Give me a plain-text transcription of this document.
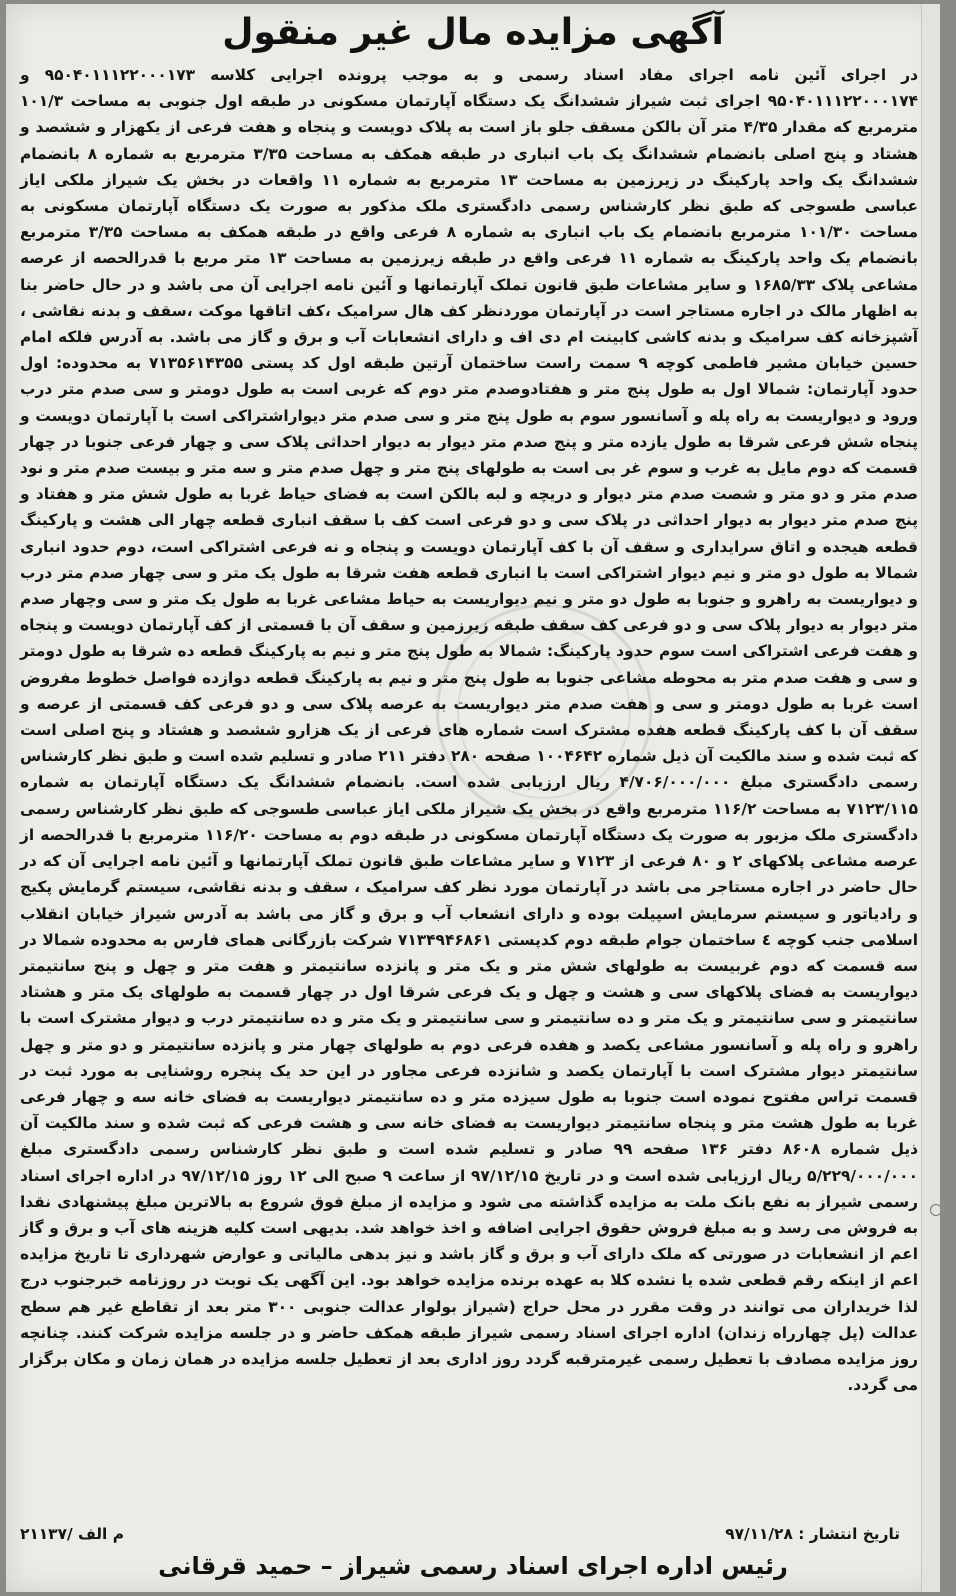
آگهی مزایده مال غیر منقول

در اجرای آئین نامه اجرای مفاد اسناد رسمی و به موجب پرونده اجرایی کلاسه ۹۵۰۴۰۱۱۱۲۲۰۰۰۱۷۳ و ۹۵۰۴۰۱۱۱۲۲۰۰۰۱۷۴ اجرای ثبت شیراز ششدانگ یک دستگاه آپارتمان مسکونی در طبقه اول جنوبی به مساحت ۱۰۱/۳ مترمربع که مقدار ۴/۳۵ متر آن بالکن مسقف جلو باز است به پلاک دویست و پنجاه و هفت فرعی از یکهزار و ششصد و هشتاد و پنج اصلی بانضمام ششدانگ یک باب انباری در طبقه همکف به مساحت ۳/۳۵ مترمربع به شماره ۸ بانضمام ششدانگ یک واحد پارکینگ در زیرزمین به مساحت ۱۳ مترمربع به شماره ۱۱ واقعات در بخش یک شیراز ملکی ایاز عباسی طسوجی که طبق نظر کارشناس رسمی دادگستری ملک مذکور به صورت یک دستگاه آپارتمان مسکونی به مساحت ۱۰۱/۳۰ مترمربع بانضمام یک باب انباری به شماره ۸ فرعی واقع در طبقه همکف به مساحت ۳/۳۵ مترمربع بانضمام یک واحد پارکینگ به شماره ۱۱ فرعی واقع در طبقه زیرزمین به مساحت ۱۳ متر مربع با قدرالحصه از عرصه مشاعی پلاک ۱۶۸۵/۳۳ و سایر مشاعات طبق قانون تملک آپارتمانها و آئین نامه اجرایی آن می باشد و در حال حاضر بنا به اظهار مالک در اجاره مستاجر است در آپارتمان موردنظر کف هال سرامیک ،کف اتاقها موکت ،سقف و بدنه نقاشی ، آشپزخانه کف سرامیک و بدنه کاشی کابینت ام دی اف و دارای انشعابات آب و برق و گاز می باشد. به آدرس فلکه امام حسین خیابان مشیر فاطمی کوچه ۹ سمت راست ساختمان آرتین طبقه اول کد پستی ۷۱۳۵۶۱۴۳۵۵ به محدوده: اول حدود آپارتمان: شمالا اول به طول پنج متر و هفتادوصدم متر دوم که غربی است به طول دومتر و سی صدم متر درب ورود و دیواریست به راه پله و آسانسور سوم به طول پنج متر و سی صدم متر دیواراشتراکی است با آپارتمان دویست و پنجاه شش فرعی شرقا به طول یازده متر و پنج صدم متر دیوار به دیوار احداثی پلاک سی و چهار فرعی جنوبا در چهار قسمت که دوم مایل به غرب و سوم غر بی است به طولهای پنج متر و چهل صدم متر و سه متر و بیست صدم متر و نود صدم متر و دو متر و شصت صدم متر دیوار و دریچه و لبه بالکن است به فضای حیاط غربا به طول شش متر و هفتاد و پنج صدم متر دیوار به دیوار احداثی در پلاک سی و دو فرعی است کف با سقف انباری قطعه چهار الی هشت و پارکینگ قطعه هیجده و اتاق سرایداری و سقف آن با کف آپارتمان دویست و پنجاه و نه فرعی اشتراکی است، دوم حدود انباری شمالا به طول دو متر و نیم دیوار اشتراکی است با انباری قطعه هفت شرقا به طول یک متر و سی چهار صدم متر درب و دیواریست به راهرو و جنوبا به طول دو متر و نیم دیواریست به حیاط مشاعی غربا به طول یک متر و سی وچهار صدم متر دیوار به دیوار پلاک سی و دو فرعی کف سقف طبقه زیرزمین و سقف آن با قسمتی از کف آپارتمان دویست و پنجاه و هفت فرعی اشتراکی است سوم حدود پارکینگ: شمالا به طول پنج متر و نیم به پارکینگ قطعه ده شرقا به طول دومتر و سی و هفت صدم متر به محوطه مشاعی جنوبا به طول پنج متر و نیم به پارکینگ قطعه دوازده فواصل خطوط مفروض است غربا به طول دومتر و سی و هفت صدم متر دیواریست به عرصه پلاک سی و دو فرعی کف قسمتی از عرصه و سقف آن با کف پارکینگ قطعه هفده مشترک است شماره های فرعی از یک هزارو ششصد و هشتاد و پنج اصلی است که ثبت شده و سند مالکیت آن ذیل شماره ۱۰۰۴۶۴۲ صفحه ۲۸۰ دفتر ۲۱۱ صادر و تسلیم شده است و طبق نظر کارشناس رسمی دادگستری مبلغ ۴/۷۰۶/۰۰۰/۰۰۰ ریال ارزیابی شده است. بانضمام ششدانگ یک دستگاه آپارتمان به شماره ۷۱۲۳/۱۱۵ به مساحت ۱۱۶/۲ مترمربع واقع در بخش یک شیراز ملکی ایاز عباسی طسوجی که طبق نظر کارشناس رسمی دادگستری ملک مزبور به صورت یک دستگاه آپارتمان مسکونی در طبقه دوم به مساحت ۱۱۶/۲۰ مترمربع با قدرالحصه از عرصه مشاعی پلاکهای ۲ و ۸۰ فرعی از ۷۱۲۳ و سایر مشاعات طبق قانون تملک آپارتمانها و آئین نامه اجرایی آن که در حال حاضر در اجاره مستاجر می باشد در آپارتمان مورد نظر کف سرامیک ، سقف و بدنه نقاشی، سیستم گرمایش پکیج و رادیاتور و سیستم سرمایش اسپیلت بوده و دارای انشعاب آب و برق و گاز می باشد به آدرس شیراز خیابان انقلاب اسلامی جنب کوچه ٤ ساختمان جوام طبقه دوم کدپستی ۷۱۳۴۹۴۶۸۶۱ شرکت بازرگانی همای فارس به محدوده شمالا در سه قسمت که دوم غربیست به طولهای شش متر و یک متر و پانزده سانتیمتر و هفت متر و چهل و پنج سانتیمتر دیواریست به فضای پلاکهای سی و هشت و چهل و یک فرعی شرقا اول در چهار قسمت به طولهای یک متر و هشتاد سانتیمتر و سی سانتیمتر و یک متر و ده سانتیمتر و سی سانتیمتر و یک متر و ده سانتیمتر درب و دیوار مشترک است با راهرو و راه پله و آسانسور مشاعی یکصد و هفده فرعی دوم به طولهای چهار متر و پانزده سانتیمتر و دو متر و چهل سانتیمتر دیوار مشترک است با آپارتمان یکصد و شانزده فرعی مجاور در این حد یک پنجره روشنایی به مورد ثبت در قسمت تراس مفتوح نموده است جنوبا به طول سیزده متر و ده سانتیمتر دیواریست به فضای خانه سه و چهار فرعی غربا به طول هشت متر و پنجاه سانتیمتر دیواریست به فضای خانه سی و هشت فرعی که ثبت شده و سند مالکیت آن ذیل شماره ۸۶۰۸ دفتر ۱۳۶ صفحه ۹۹ صادر و تسلیم شده است و طبق نظر کارشناس رسمی دادگستری مبلغ ۵/۲۲۹/۰۰۰/۰۰۰ ریال ارزیابی شده است و در تاریخ ۹۷/۱۲/۱۵ از ساعت ۹ صبح الی ۱۲ روز ۹۷/۱۲/۱۵ در اداره اجرای اسناد رسمی شیراز به نفع بانک ملت به مزایده گذاشته می شود و مزایده از مبلغ فوق شروع به بالاترین مبلغ پیشنهادی نقدا به فروش می رسد و به مبلغ فروش حقوق اجرایی اضافه و اخذ خواهد شد. بدیهی است کلیه هزینه های آب و برق و گاز اعم از انشعابات در صورتی که ملک دارای آب و برق و گاز باشد و نیز بدهی مالیاتی و عوارض شهرداری تا تاریخ مزایده اعم از اینکه رقم قطعی شده یا نشده کلا به عهده برنده مزایده خواهد بود. این آگهی یک نوبت در روزنامه خبرجنوب درج لذا خریداران می توانند در وقت مقرر در محل حراج (شیراز بولوار عدالت جنوبی ۳۰۰ متر بعد از تقاطع غیر هم سطح عدالت (پل چهارراه زندان) اداره اجرای اسناد رسمی شیراز طبقه همکف حاضر و در جلسه مزایده شرکت کنند. چنانچه روز مزایده مصادف با تعطیل رسمی غیرمترقبه گردد روز اداری بعد از تعطیل جلسه مزایده در همان زمان و مکان برگزار می گردد.

تاریخ انتشار : ۹۷/۱۱/۲۸
۲۱۱۳۷/ م الف
رئیس اداره اجرای اسناد رسمی شیراز – حمید قرقانی
